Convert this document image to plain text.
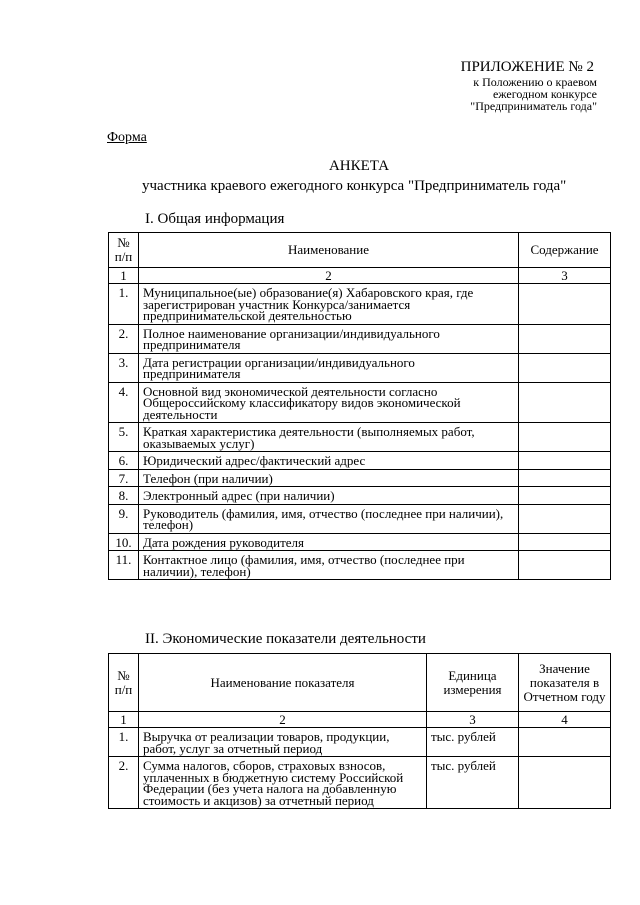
ПРИЛОЖЕНИЕ № 2
к Положению о краевом
ежегодном конкурсе
"Предприниматель года"
Форма
АНКЕТА
участника краевого ежегодного конкурса "Предприниматель года"
I. Общая информация
№ п/п	Наименование	Содержание
1	2	3
1.	Муниципальное(ые) образование(я) Хабаровского края, где зарегистрирован участник Конкурса/занимается предпринимательской деятельностью	
2.	Полное наименование организации/индивидуального предпринимателя	
3.	Дата регистрации организации/индивидуального предпринимателя	
4.	Основной вид экономической деятельности согласно Общероссийскому классификатору видов экономической деятельности	
5.	Краткая характеристика деятельности (выполняемых работ, оказываемых услуг)	
6.	Юридический адрес/фактический адрес	
7.	Телефон (при наличии)	
8.	Электронный адрес (при наличии)	
9.	Руководитель (фамилия, имя, отчество (последнее при наличии), телефон)	
10.	Дата рождения руководителя	
11.	Контактное лицо (фамилия, имя, отчество (последнее при наличии), телефон)	
II. Экономические показатели деятельности
№ п/п	Наименование показателя	Единица измерения	Значение показателя в Отчетном году
1	2	3	4
1.	Выручка от реализации товаров, продукции, работ, услуг за отчетный период	тыс. рублей	
2.	Сумма налогов, сборов, страховых взносов, уплаченных в бюджетную систему Российской Федерации (без учета налога на добавленную стоимость и акцизов) за отчетный период	тыс. рублей	
